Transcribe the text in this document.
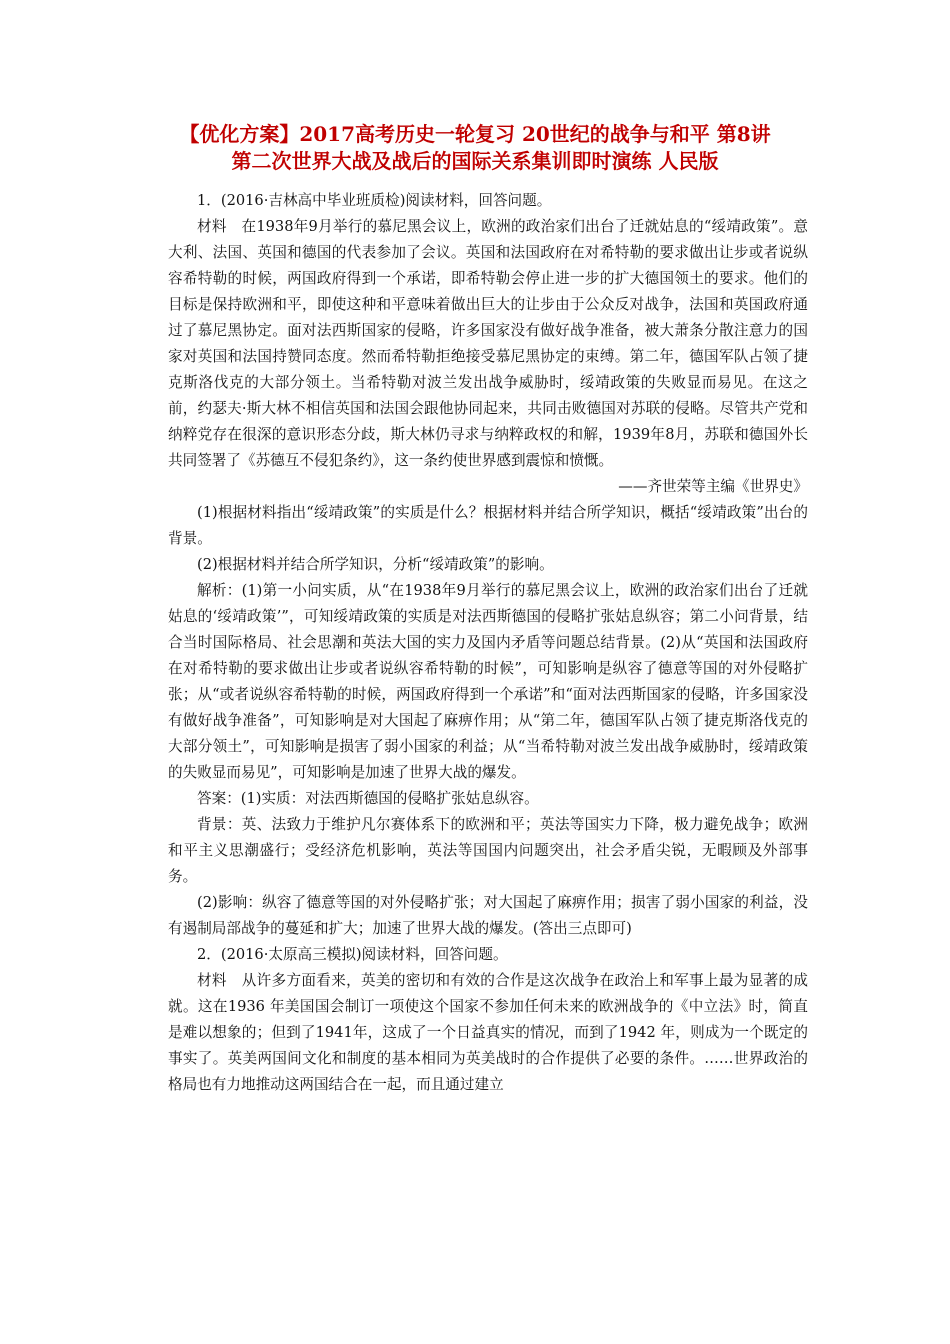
【优化方案】2017高考历史一轮复习 20世纪的战争与和平 第8讲
第二次世界大战及战后的国际关系集训即时演练 人民版

1．(2016·吉林高中毕业班质检)阅读材料，回答问题。

材料　在1938年9月举行的慕尼黑会议上，欧洲的政治家们出台了迁就姑息的“绥靖政策”。意大利、法国、英国和德国的代表参加了会议。英国和法国政府在对希特勒的要求做出让步或者说纵容希特勒的时候，两国政府得到一个承诺，即希特勒会停止进一步的扩大德国领土的要求。他们的目标是保持欧洲和平，即使这种和平意味着做出巨大的让步由于公众反对战争，法国和英国政府通过了慕尼黑协定。面对法西斯国家的侵略，许多国家没有做好战争准备，被大萧条分散注意力的国家对英国和法国持赞同态度。然而希特勒拒绝接受慕尼黑协定的束缚。第二年，德国军队占领了捷克斯洛伐克的大部分领土。当希特勒对波兰发出战争威胁时，绥靖政策的失败显而易见。在这之前，约瑟夫·斯大林不相信英国和法国会跟他协同起来，共同击败德国对苏联的侵略。尽管共产党和纳粹党存在很深的意识形态分歧，斯大林仍寻求与纳粹政权的和解，1939年8月，苏联和德国外长共同签署了《苏德互不侵犯条约》，这一条约使世界感到震惊和愤慨。

——齐世荣等主编《世界史》

(1)根据材料指出“绥靖政策”的实质是什么？根据材料并结合所学知识，概括“绥靖政策”出台的背景。

(2)根据材料并结合所学知识，分析“绥靖政策”的影响。

解析：(1)第一小问实质，从“在1938年9月举行的慕尼黑会议上，欧洲的政治家们出台了迁就姑息的‘绥靖政策’”，可知绥靖政策的实质是对法西斯德国的侵略扩张姑息纵容；第二小问背景，结合当时国际格局、社会思潮和英法大国的实力及国内矛盾等问题总结背景。(2)从“英国和法国政府在对希特勒的要求做出让步或者说纵容希特勒的时候”，可知影响是纵容了德意等国的对外侵略扩张；从“或者说纵容希特勒的时候，两国政府得到一个承诺”和“面对法西斯国家的侵略，许多国家没有做好战争准备”，可知影响是对大国起了麻痹作用；从“第二年，德国军队占领了捷克斯洛伐克的大部分领土”，可知影响是损害了弱小国家的利益；从“当希特勒对波兰发出战争威胁时，绥靖政策的失败显而易见”，可知影响是加速了世界大战的爆发。

答案：(1)实质：对法西斯德国的侵略扩张姑息纵容。

背景：英、法致力于维护凡尔赛体系下的欧洲和平；英法等国实力下降，极力避免战争；欧洲和平主义思潮盛行；受经济危机影响，英法等国国内问题突出，社会矛盾尖锐，无暇顾及外部事务。

(2)影响：纵容了德意等国的对外侵略扩张；对大国起了麻痹作用；损害了弱小国家的利益，没有遏制局部战争的蔓延和扩大；加速了世界大战的爆发。(答出三点即可)

2．(2016·太原高三模拟)阅读材料，回答问题。

材料　从许多方面看来，英美的密切和有效的合作是这次战争在政治上和军事上最为显著的成就。这在1936 年美国国会制订一项使这个国家不参加任何未来的欧洲战争的《中立法》时，简直是难以想象的；但到了1941年，这成了一个日益真实的情况，而到了1942 年，则成为一个既定的事实了。英美两国间文化和制度的基本相同为英美战时的合作提供了必要的条件。……世界政治的格局也有力地推动这两国结合在一起，而且通过建立
